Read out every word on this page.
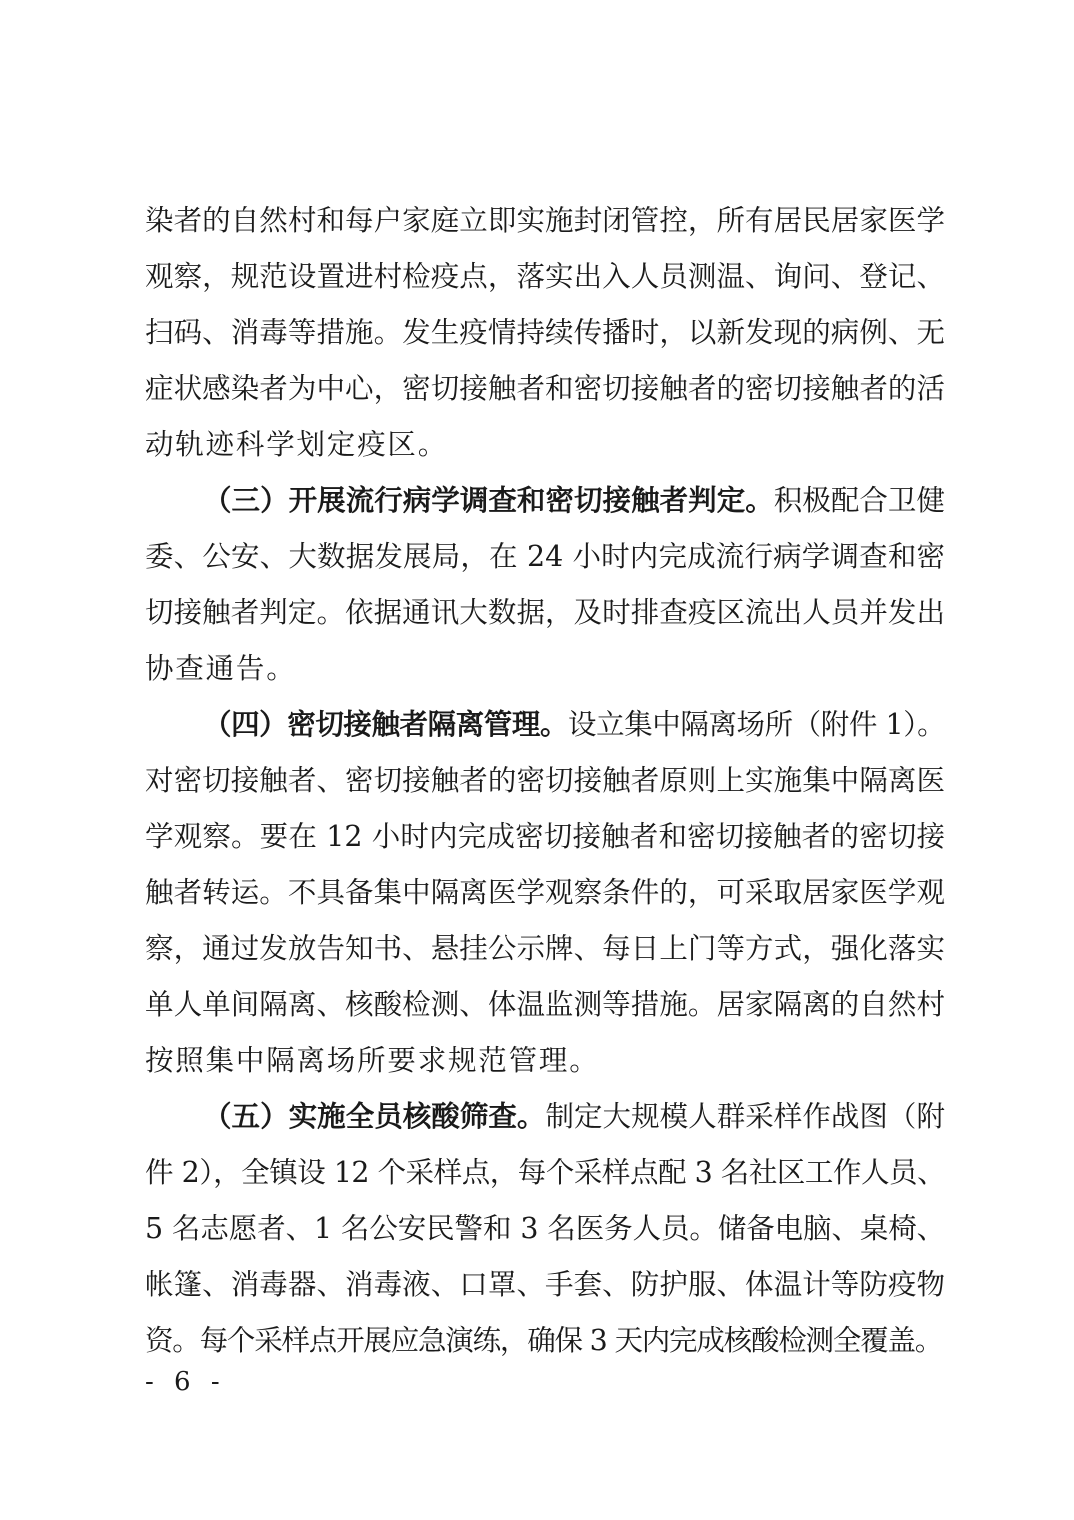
染者的自然村和每户家庭立即实施封闭管控，所有居民居家医学
观察，规范设置进村检疫点，落实出入人员测温、询问、登记、
扫码、消毒等措施。发生疫情持续传播时，以新发现的病例、无
症状感染者为中心，密切接触者和密切接触者的密切接触者的活
动轨迹科学划定疫区。
（三）开展流行病学调查和密切接触者判定。积极配合卫健
委、公安、大数据发展局，在 24 小时内完成流行病学调查和密
切接触者判定。依据通讯大数据，及时排查疫区流出人员并发出
协查通告。
（四）密切接触者隔离管理。设立集中隔离场所（附件 1）。
对密切接触者、密切接触者的密切接触者原则上实施集中隔离医
学观察。要在 12 小时内完成密切接触者和密切接触者的密切接
触者转运。不具备集中隔离医学观察条件的，可采取居家医学观
察，通过发放告知书、悬挂公示牌、每日上门等方式，强化落实
单人单间隔离、核酸检测、体温监测等措施。居家隔离的自然村
按照集中隔离场所要求规范管理。
（五）实施全员核酸筛查。制定大规模人群采样作战图（附
件 2），全镇设 12 个采样点，每个采样点配 3 名社区工作人员、
5 名志愿者、1 名公安民警和 3 名医务人员。储备电脑、桌椅、
帐篷、消毒器、消毒液、口罩、手套、防护服、体温计等防疫物
资。每个采样点开展应急演练，确保 3 天内完成核酸检测全覆盖。
- 6 -
